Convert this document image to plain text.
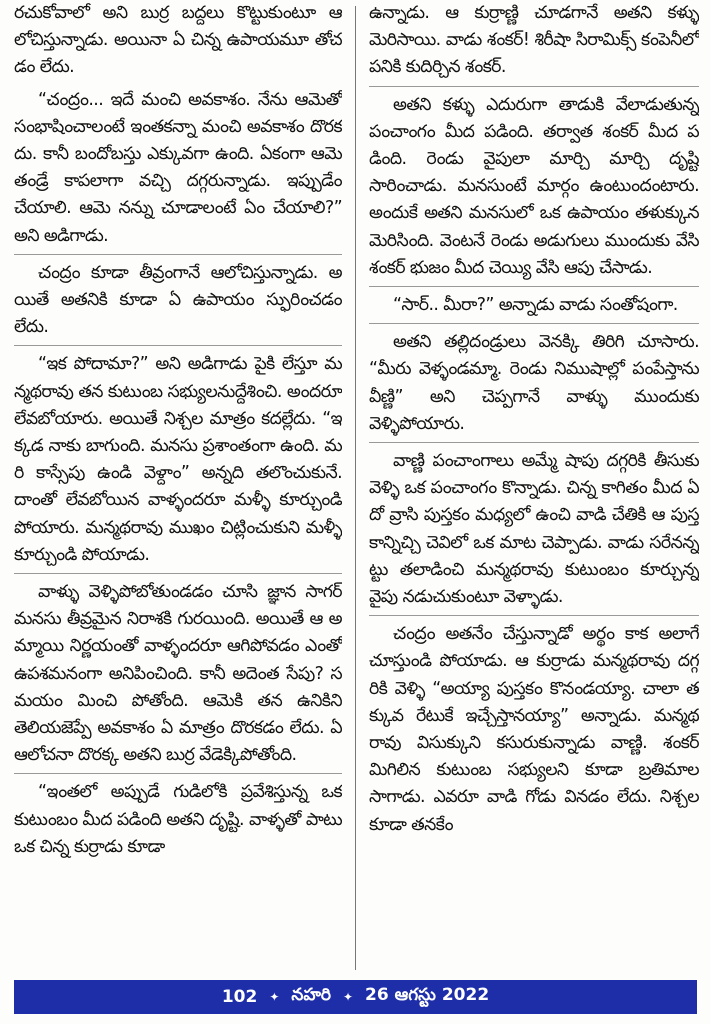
రచుకోవాలో అని బుర్ర బద్దలు కొట్టుకుంటూ ఆలోచిస్తున్నాడు. అయినా ఏ చిన్న ఉపాయమూ తోచడం లేదు.

“చంద్రం... ఇదే మంచి అవకాశం. నేను ఆమెతో సంభాషించాలంటే ఇంతకన్నా మంచి అవకాశం దొరకదు. కానీ బందోబస్తు ఎక్కువగా ఉంది. ఏకంగా ఆమె తండ్రే కాపలాగా వచ్చి దగ్గరున్నాడు. ఇప్పుడేం చేయాలి. ఆమె నన్ను చూడాలంటే ఏం చేయాలి?” అని అడిగాడు.

చంద్రం కూడా తీవ్రంగానే ఆలోచిస్తున్నాడు. అయితే అతనికి కూడా ఏ ఉపాయం స్ఫురించడం లేదు.

“ఇక పోదామా?” అని అడిగాడు పైకి లేస్తూ మన్మథరావు తన కుటుంబ సభ్యులనుద్దేశించి. అందరూ లేవబోయారు. అయితే నిశ్చల మాత్రం కదల్లేదు. “ఇక్కడ నాకు బాగుంది. మనసు ప్రశాంతంగా ఉంది. మరి కాస్సేపు ఉండి వెళ్దాం” అన్నది తలొంచుకునే. దాంతో లేవబోయిన వాళ్ళందరూ మళ్ళీ కూర్చుండి పోయారు. మన్మథరావు ముఖం చిట్లించుకుని మళ్ళీ కూర్చుండి పోయాడు.

వాళ్ళు వెళ్ళిపోబోతుండడం చూసి జ్ఞాన సాగర్ మనసు తీవ్రమైన నిరాశకి గురయింది. అయితే ఆ అమ్మాయి నిర్ణయంతో వాళ్ళందరూ ఆగిపోవడం ఎంతో ఉపశమనంగా అనిపించింది. కానీ అదెంత సేపు? సమయం మించి పోతోంది. ఆమెకి తన ఉనికిని తెలియజెప్పే అవకాశం ఏ మాత్రం దొరకడం లేదు. ఏ ఆలోచనా దొరక్క అతని బుర్ర వేడెక్కిపోతోంది.

“ఇంతలో అప్పుడే గుడిలోకి ప్రవేశిస్తున్న ఒక కుటుంబం మీద పడింది అతని దృష్టి. వాళ్ళతో పాటు ఒక చిన్న కుర్రాడు కూడా

ఉన్నాడు. ఆ కుర్రాణ్ణి చూడగానే అతని కళ్ళు మెరిసాయి. వాడు శంకర్! శిరీషా సిరామిక్స్ కంపెనీలో పనికి కుదిర్చిన శంకర్.

అతని కళ్ళు ఎదురుగా తాడుకి వేలాడుతున్న పంచాంగం మీద పడింది. తర్వాత శంకర్ మీద పడింది. రెండు వైపులా మార్చి మార్చి దృష్టి సారించాడు. మనసుంటే మార్గం ఉంటుందంటారు. అందుకే అతని మనసులో ఒక ఉపాయం తళుక్కున మెరిసింది. వెంటనే రెండు అడుగులు ముందుకు వేసి శంకర్ భుజం మీద చెయ్యి వేసి ఆపు చేసాడు.

“సార్.. మీరా?” అన్నాడు వాడు సంతోషంగా.

అతని తల్లిదండ్రులు వెనక్కి తిరిగి చూసారు. “మీరు వెళ్ళండమ్మా. రెండు నిముషాల్లో పంపేస్తాను వీణ్ణి” అని చెప్పగానే వాళ్ళు ముందుకు వెళ్ళిపోయారు.

వాణ్ణి పంచాంగాలు అమ్మే షాపు దగ్గరికి తీసుకు వెళ్ళి ఒక పంచాంగం కొన్నాడు. చిన్న కాగితం మీద ఏదో వ్రాసి పుస్తకం మధ్యలో ఉంచి వాడి చేతికి ఆ పుస్తకాన్నిచ్చి చెవిలో ఒక మాట చెప్పాడు. వాడు సరేనన్నట్టు తలాడించి మన్మథరావు కుటుంబం కూర్చున్న వైపు నడుచుకుంటూ వెళ్ళాడు.

చంద్రం అతనేం చేస్తున్నాడో అర్థం కాక అలాగే చూస్తుండి పోయాడు. ఆ కుర్రాడు మన్మథరావు దగ్గరికి వెళ్ళి “అయ్యా పుస్తకం కొనండయ్యా. చాలా తక్కువ రేటుకే ఇచ్చేస్తానయ్యా” అన్నాడు. మన్మథరావు విసుక్కుని కసురుకున్నాడు వాణ్ణి. శంకర్ మిగిలిన కుటుంబ సభ్యులని కూడా బ్రతిమాల సాగాడు. ఎవరూ వాడి గోడు వినడం లేదు. నిశ్చల కూడా తనకేం

102 ✦ నహరి ✦ 26 ఆగస్టు 2022
